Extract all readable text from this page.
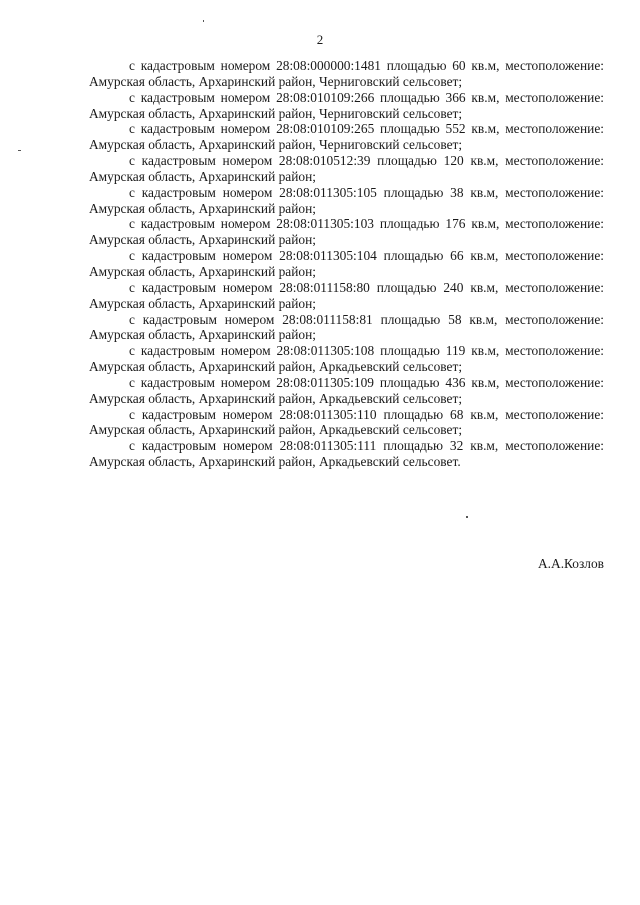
2

с кадастровым номером 28:08:000000:1481 площадью 60 кв.м, местоположение: Амурская область, Архаринский район, Черниговский сельсовет;

с кадастровым номером 28:08:010109:266 площадью 366 кв.м, местоположение: Амурская область, Архаринский район, Черниговский сельсовет;

с кадастровым номером 28:08:010109:265 площадью 552 кв.м, местоположение: Амурская область, Архаринский район, Черниговский сельсовет;

с кадастровым номером 28:08:010512:39 площадью 120 кв.м, местоположение: Амурская область, Архаринский район;

с кадастровым номером 28:08:011305:105 площадью 38 кв.м, местоположение: Амурская область, Архаринский район;

с кадастровым номером 28:08:011305:103 площадью 176 кв.м, местоположение: Амурская область, Архаринский район;

с кадастровым номером 28:08:011305:104 площадью 66 кв.м, местоположение: Амурская область, Архаринский район;

с кадастровым номером 28:08:011158:80 площадью 240 кв.м, местоположение: Амурская область, Архаринский район;

с кадастровым номером 28:08:011158:81 площадью 58 кв.м, местоположение: Амурская область, Архаринский район;

с кадастровым номером 28:08:011305:108 площадью 119 кв.м, местоположение: Амурская область, Архаринский район, Аркадьевский сельсовет;

с кадастровым номером 28:08:011305:109 площадью 436 кв.м, местоположение: Амурская область, Архаринский район, Аркадьевский сельсовет;

с кадастровым номером 28:08:011305:110 площадью 68 кв.м, местоположение: Амурская область, Архаринский район, Аркадьевский сельсовет;

с кадастровым номером 28:08:011305:111 площадью 32 кв.м, местоположение: Амурская область, Архаринский район, Аркадьевский сельсовет.

А.А.Козлов
